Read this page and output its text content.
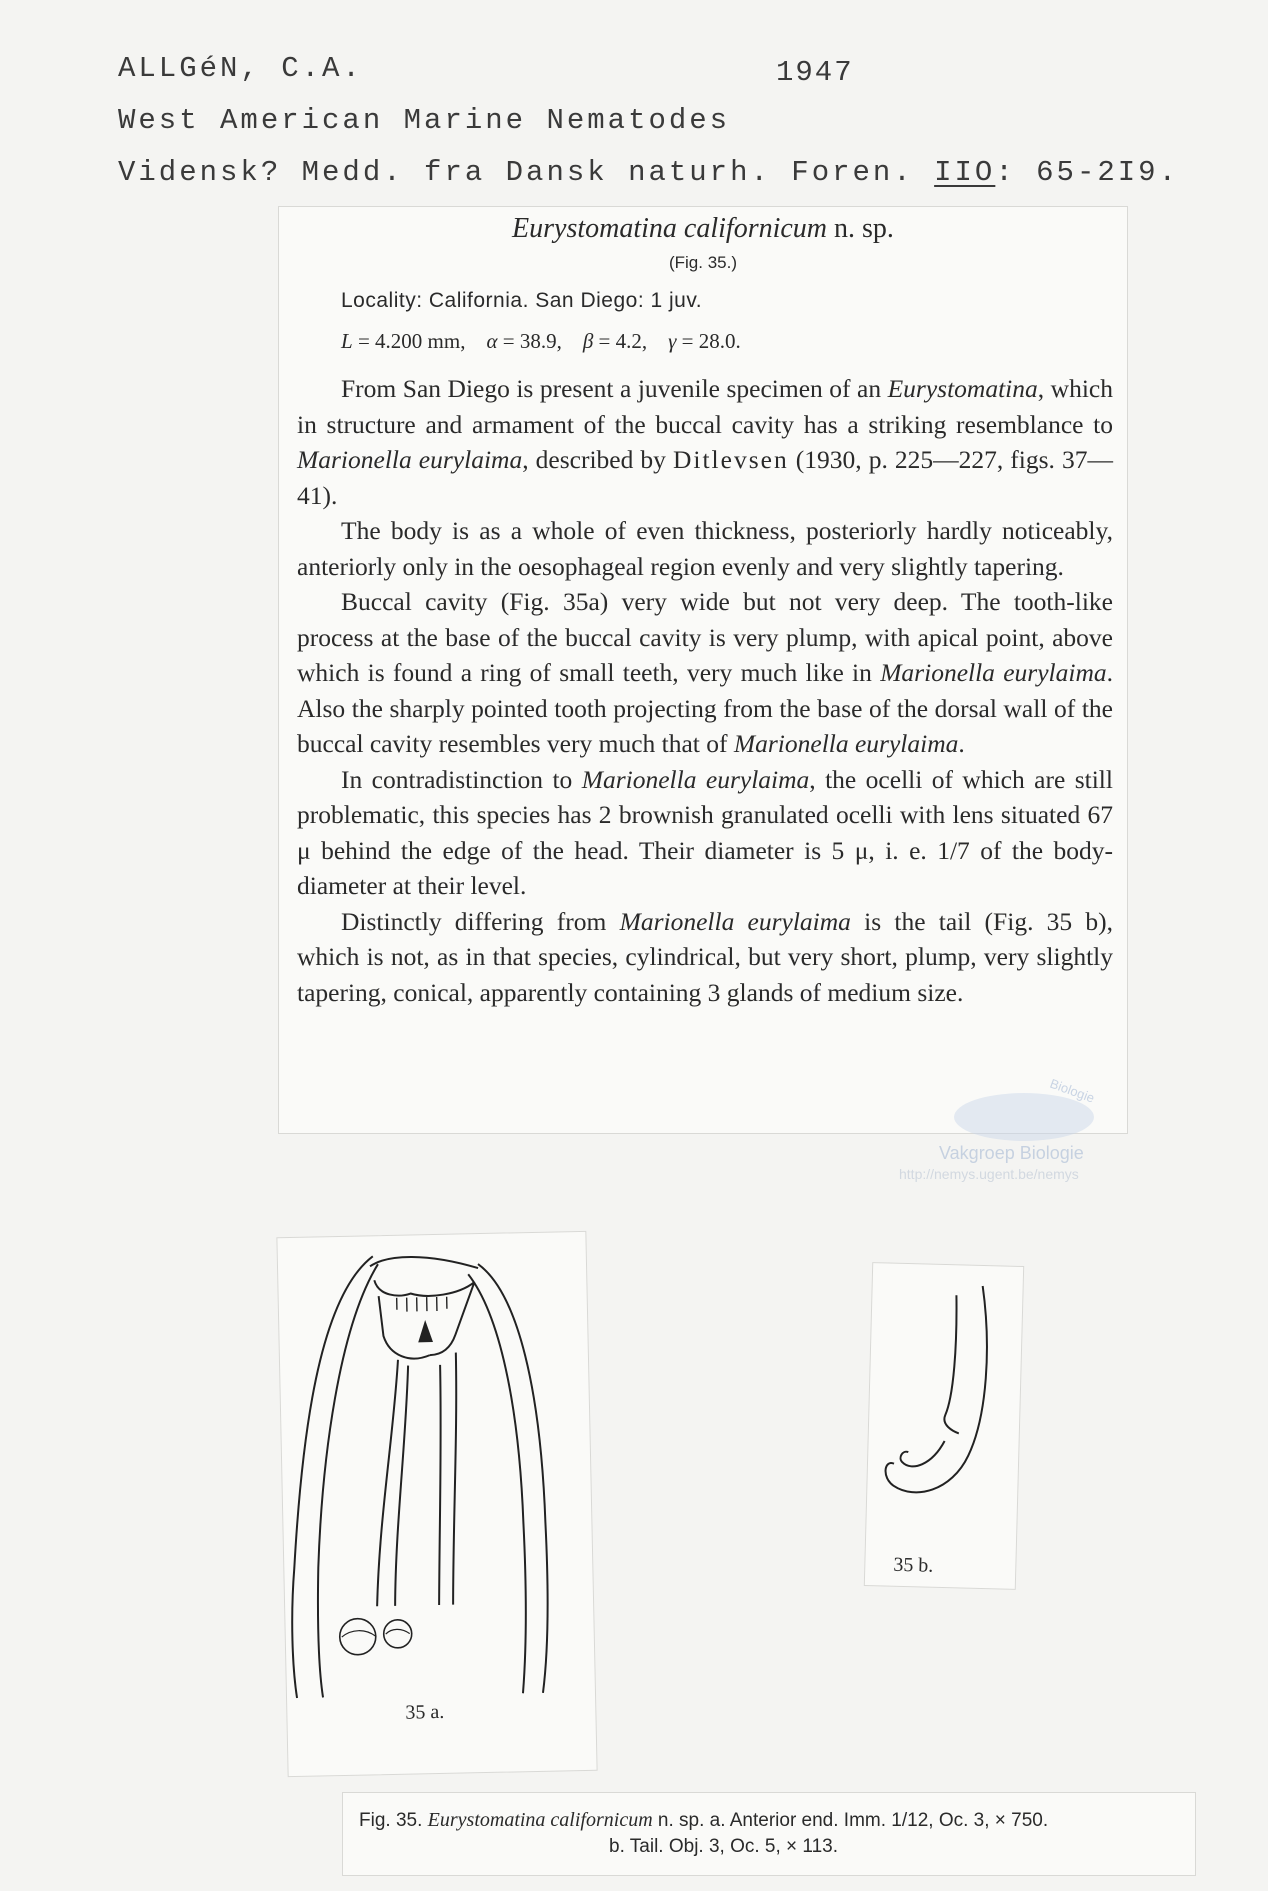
ALLGéN, C.A.	1947
West American Marine Nematodes
Vidensk? Medd. fra Dansk naturh. Foren. IIO: 65-2I9.
Eurystomatina californicum n. sp.
(Fig. 35.)
Locality: California. San Diego: 1 juv.
L = 4.200 mm, α = 38.9, β = 4.2, γ = 28.0.

From San Diego is present a juvenile specimen of an Eurystomatina, which in structure and armament of the buccal cavity has a striking resemblance to Marionella eurylaima, described by Ditlevsen (1930, p. 225—227, figs. 37—41).

The body is as a whole of even thickness, posteriorly hardly noticeably, anteriorly only in the oesophageal region evenly and very slightly tapering.

Buccal cavity (Fig. 35a) very wide but not very deep. The tooth-like process at the base of the buccal cavity is very plump, with apical point, above which is found a ring of small teeth, very much like in Marionella eurylaima. Also the sharply pointed tooth projecting from the base of the dorsal wall of the buccal cavity resembles very much that of Marionella eurylaima.

In contradistinction to Marionella eurylaima, the ocelli of which are still problematic, this species has 2 brownish granulated ocelli with lens situated 67 μ behind the edge of the head. Their diameter is 5 μ, i. e. 1/7 of the body-diameter at their level.

Distinctly differing from Marionella eurylaima is the tail (Fig. 35 b), which is not, as in that species, cylindrical, but very short, plump, very slightly tapering, conical, apparently containing 3 glands of medium size.

Biologie
Vakgroep Biologie
http://nemys.ugent.be/nemys
35 a.
35 b.
Fig. 35. Eurystomatina californicum n. sp. a. Anterior end. Imm. 1/12, Oc. 3, × 750.
b. Tail. Obj. 3, Oc. 5, × 113.
